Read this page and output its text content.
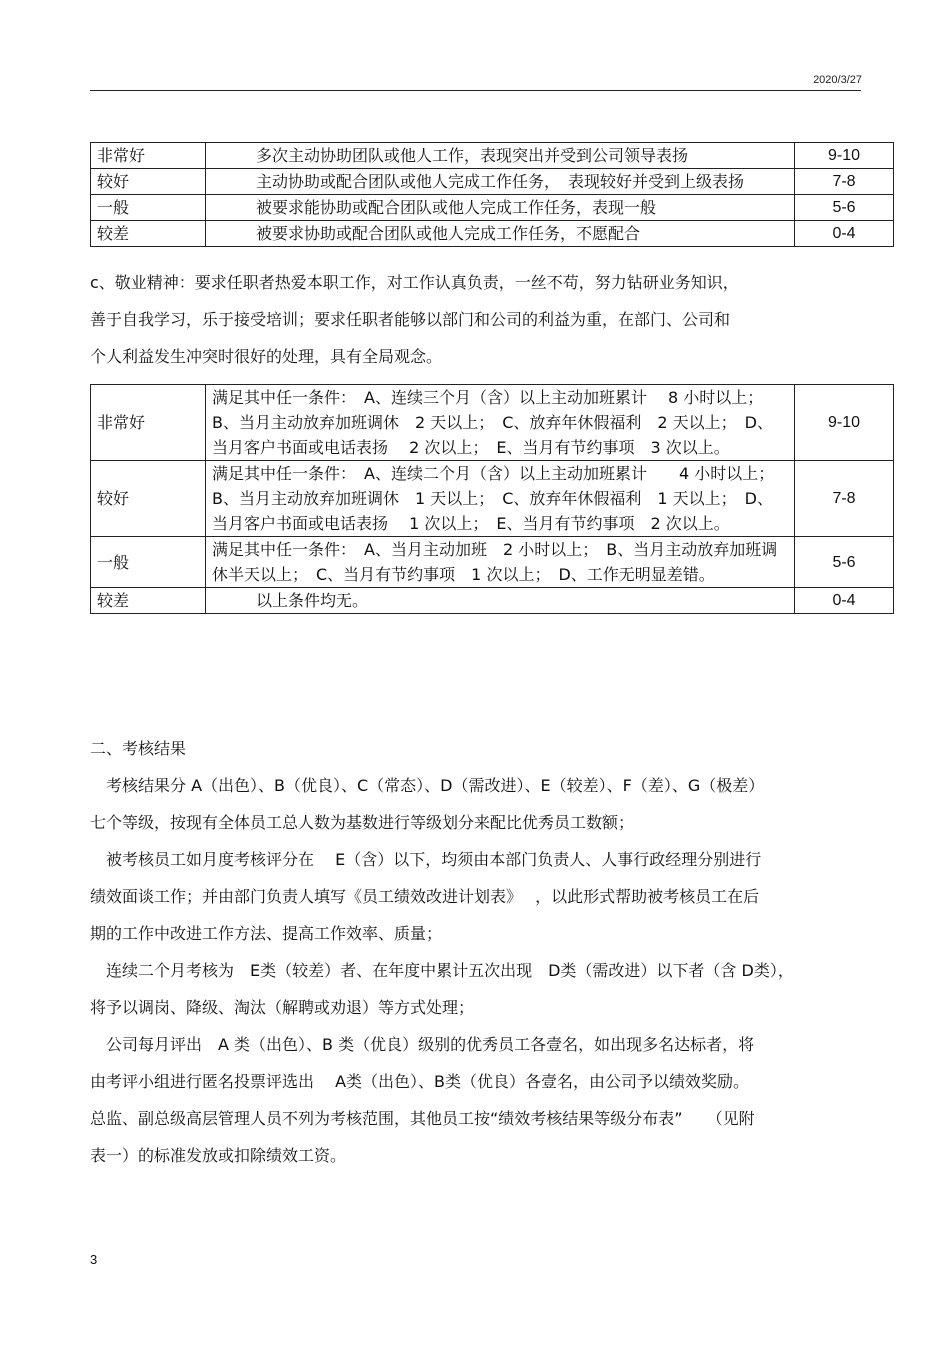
2020/3/27
非常好	多次主动协助团队或他人工作，表现突出并受到公司领导表扬	9-10
较好	主动协助或配合团队或他人完成工作任务，　表现较好并受到上级表扬	7-8
一般	被要求能协助或配合团队或他人完成工作任务，表现一般	5-6
较差	被要求协助或配合团队或他人完成工作任务，不愿配合	0-4
c、敬业精神：要求任职者热爱本职工作，对工作认真负责，一丝不苟，努力钻研业务知识，
善于自我学习，乐于接受培训；要求任职者能够以部门和公司的利益为重，在部门、公司和
个人利益发生冲突时很好的处理，具有全局观念。
非常好	满足其中任一条件：　A、连续三个月（含）以上主动加班累计　 8 小时以上；　B、当月主动放弃加班调休　2 天以上；　C、放弃年休假福利　2 天以上；　D、当月客户书面或电话表扬　 2 次以上；　E、当月有节约事项　3 次以上。	9-10
较好	满足其中任一条件：　A、连续二个月（含）以上主动加班累计　　4 小时以上；　B、当月主动放弃加班调休　1 天以上；　C、放弃年休假福利　1 天以上；　D、当月客户书面或电话表扬　 1 次以上；　E、当月有节约事项　2 次以上。	7-8
一般	满足其中任一条件：　A、当月主动加班　2 小时以上；　B、当月主动放弃加班调休半天以上；　C、当月有节约事项　1 次以上；　D、工作无明显差错。	5-6
较差	以上条件均无。	0-4
二、考核结果
　考核结果分 A（出色）、B（优良）、C（常态）、D（需改进）、E（较差）、F（差）、G（极差）
七个等级，按现有全体员工总人数为基数进行等级划分来配比优秀员工数额；
　被考核员工如月度考核评分在　 E（含）以下，均须由本部门负责人、人事行政经理分别进行
绩效面谈工作；并由部门负责人填写《员工绩效改进计划表》　 ，以此形式帮助被考核员工在后
期的工作中改进工作方法、提高工作效率、质量；
　连续二个月考核为　E类（较差）者、在年度中累计五次出现　D类（需改进）以下者（含 D类），
将予以调岗、降级、淘汰（解聘或劝退）等方式处理；
　公司每月评出　A 类（出色）、B 类（优良）级别的优秀员工各壹名，如出现多名达标者，将
由考评小组进行匿名投票评选出　 A类（出色）、B类（优良）各壹名，由公司予以绩效奖励。
总监、副总级高层管理人员不列为考核范围，其他员工按“绩效考核结果等级分布表”　　（见附
表一）的标准发放或扣除绩效工资。
3
